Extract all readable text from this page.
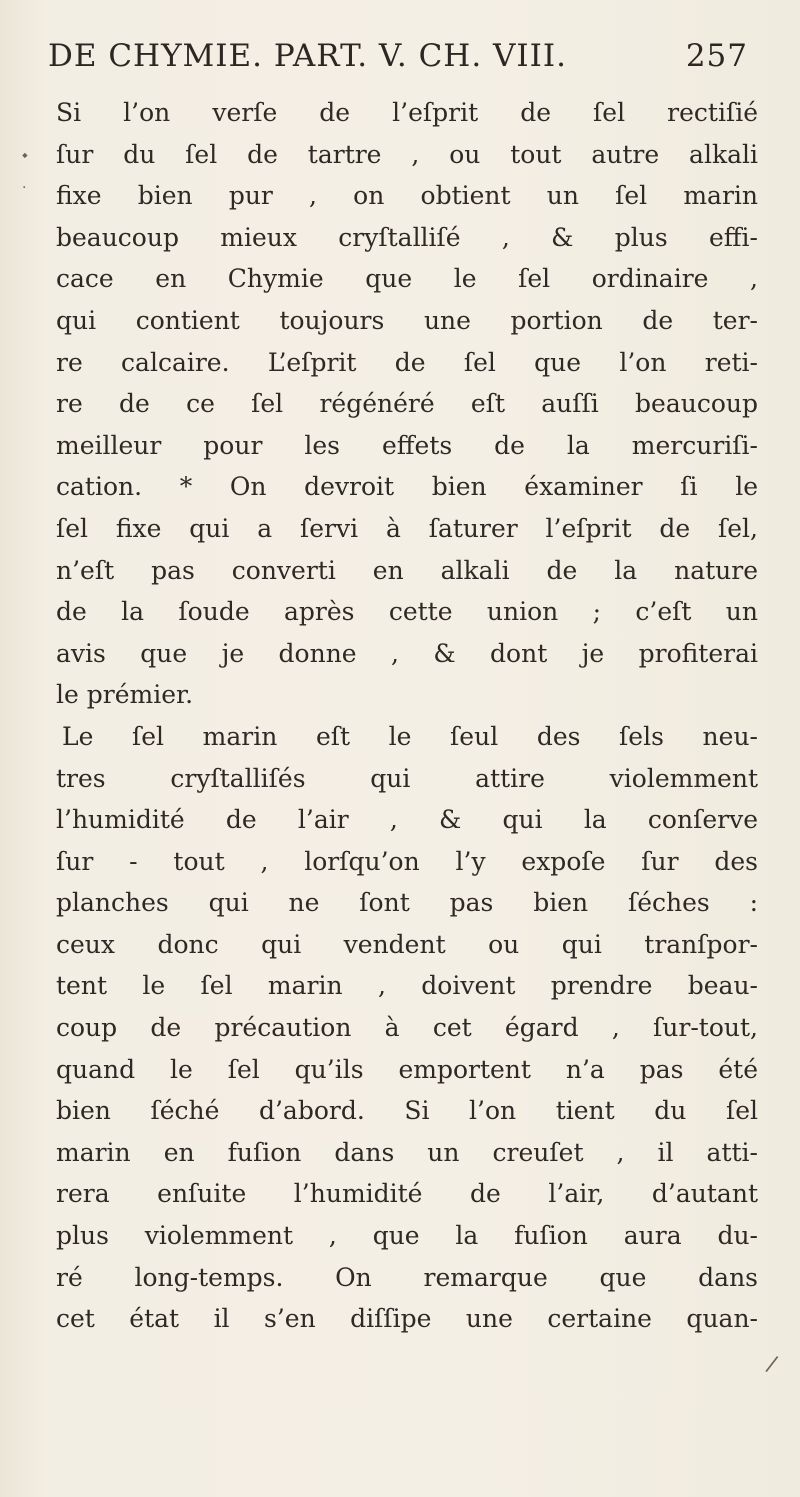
DE CHYMIE. PART. V. CH. VIII.	257
Si l’on verſe de l’eſprit de ſel rectiſié
ſur du ſel de tartre , ou tout autre alkali
fixe bien pur , on obtient un ſel marin
beaucoup mieux cryſtalliſé , & plus effi-
cace en Chymie que le ſel ordinaire ,
qui contient toujours une portion de ter-
re calcaire. L’eſprit de ſel que l’on reti-
re de ce ſel régénéré eſt auſſi beaucoup
meilleur pour les effets de la mercuriſi-
cation. * On devroit bien éxaminer ſi le
ſel fixe qui a ſervi à ſaturer l’eſprit de ſel,
n’eſt pas converti en alkali de la nature
de la ſoude après cette union ; c’eſt un
avis que je donne , & dont je profiterai
le prémier.
Le ſel marin eſt le ſeul des ſels neu-
tres cryſtalliſés qui attire violemment
l’humidité de l’air , & qui la conſerve
ſur - tout , lorſqu’on l’y expoſe ſur des
planches qui ne ſont pas bien ſéches :
ceux donc qui vendent ou qui tranſpor-
tent le ſel marin , doivent prendre beau-
coup de précaution à cet égard , ſur-tout,
quand le ſel qu’ils emportent n’a pas été
bien ſéché d’abord. Si l’on tient du ſel
marin en fuſion dans un creuſet , il atti-
rera enſuite l’humidité de l’air, d’autant
plus violemment , que la fuſion aura du-
ré long-temps. On remarque que dans
cet état il s’en diſſipe une certaine quan-
⬩
·
/
